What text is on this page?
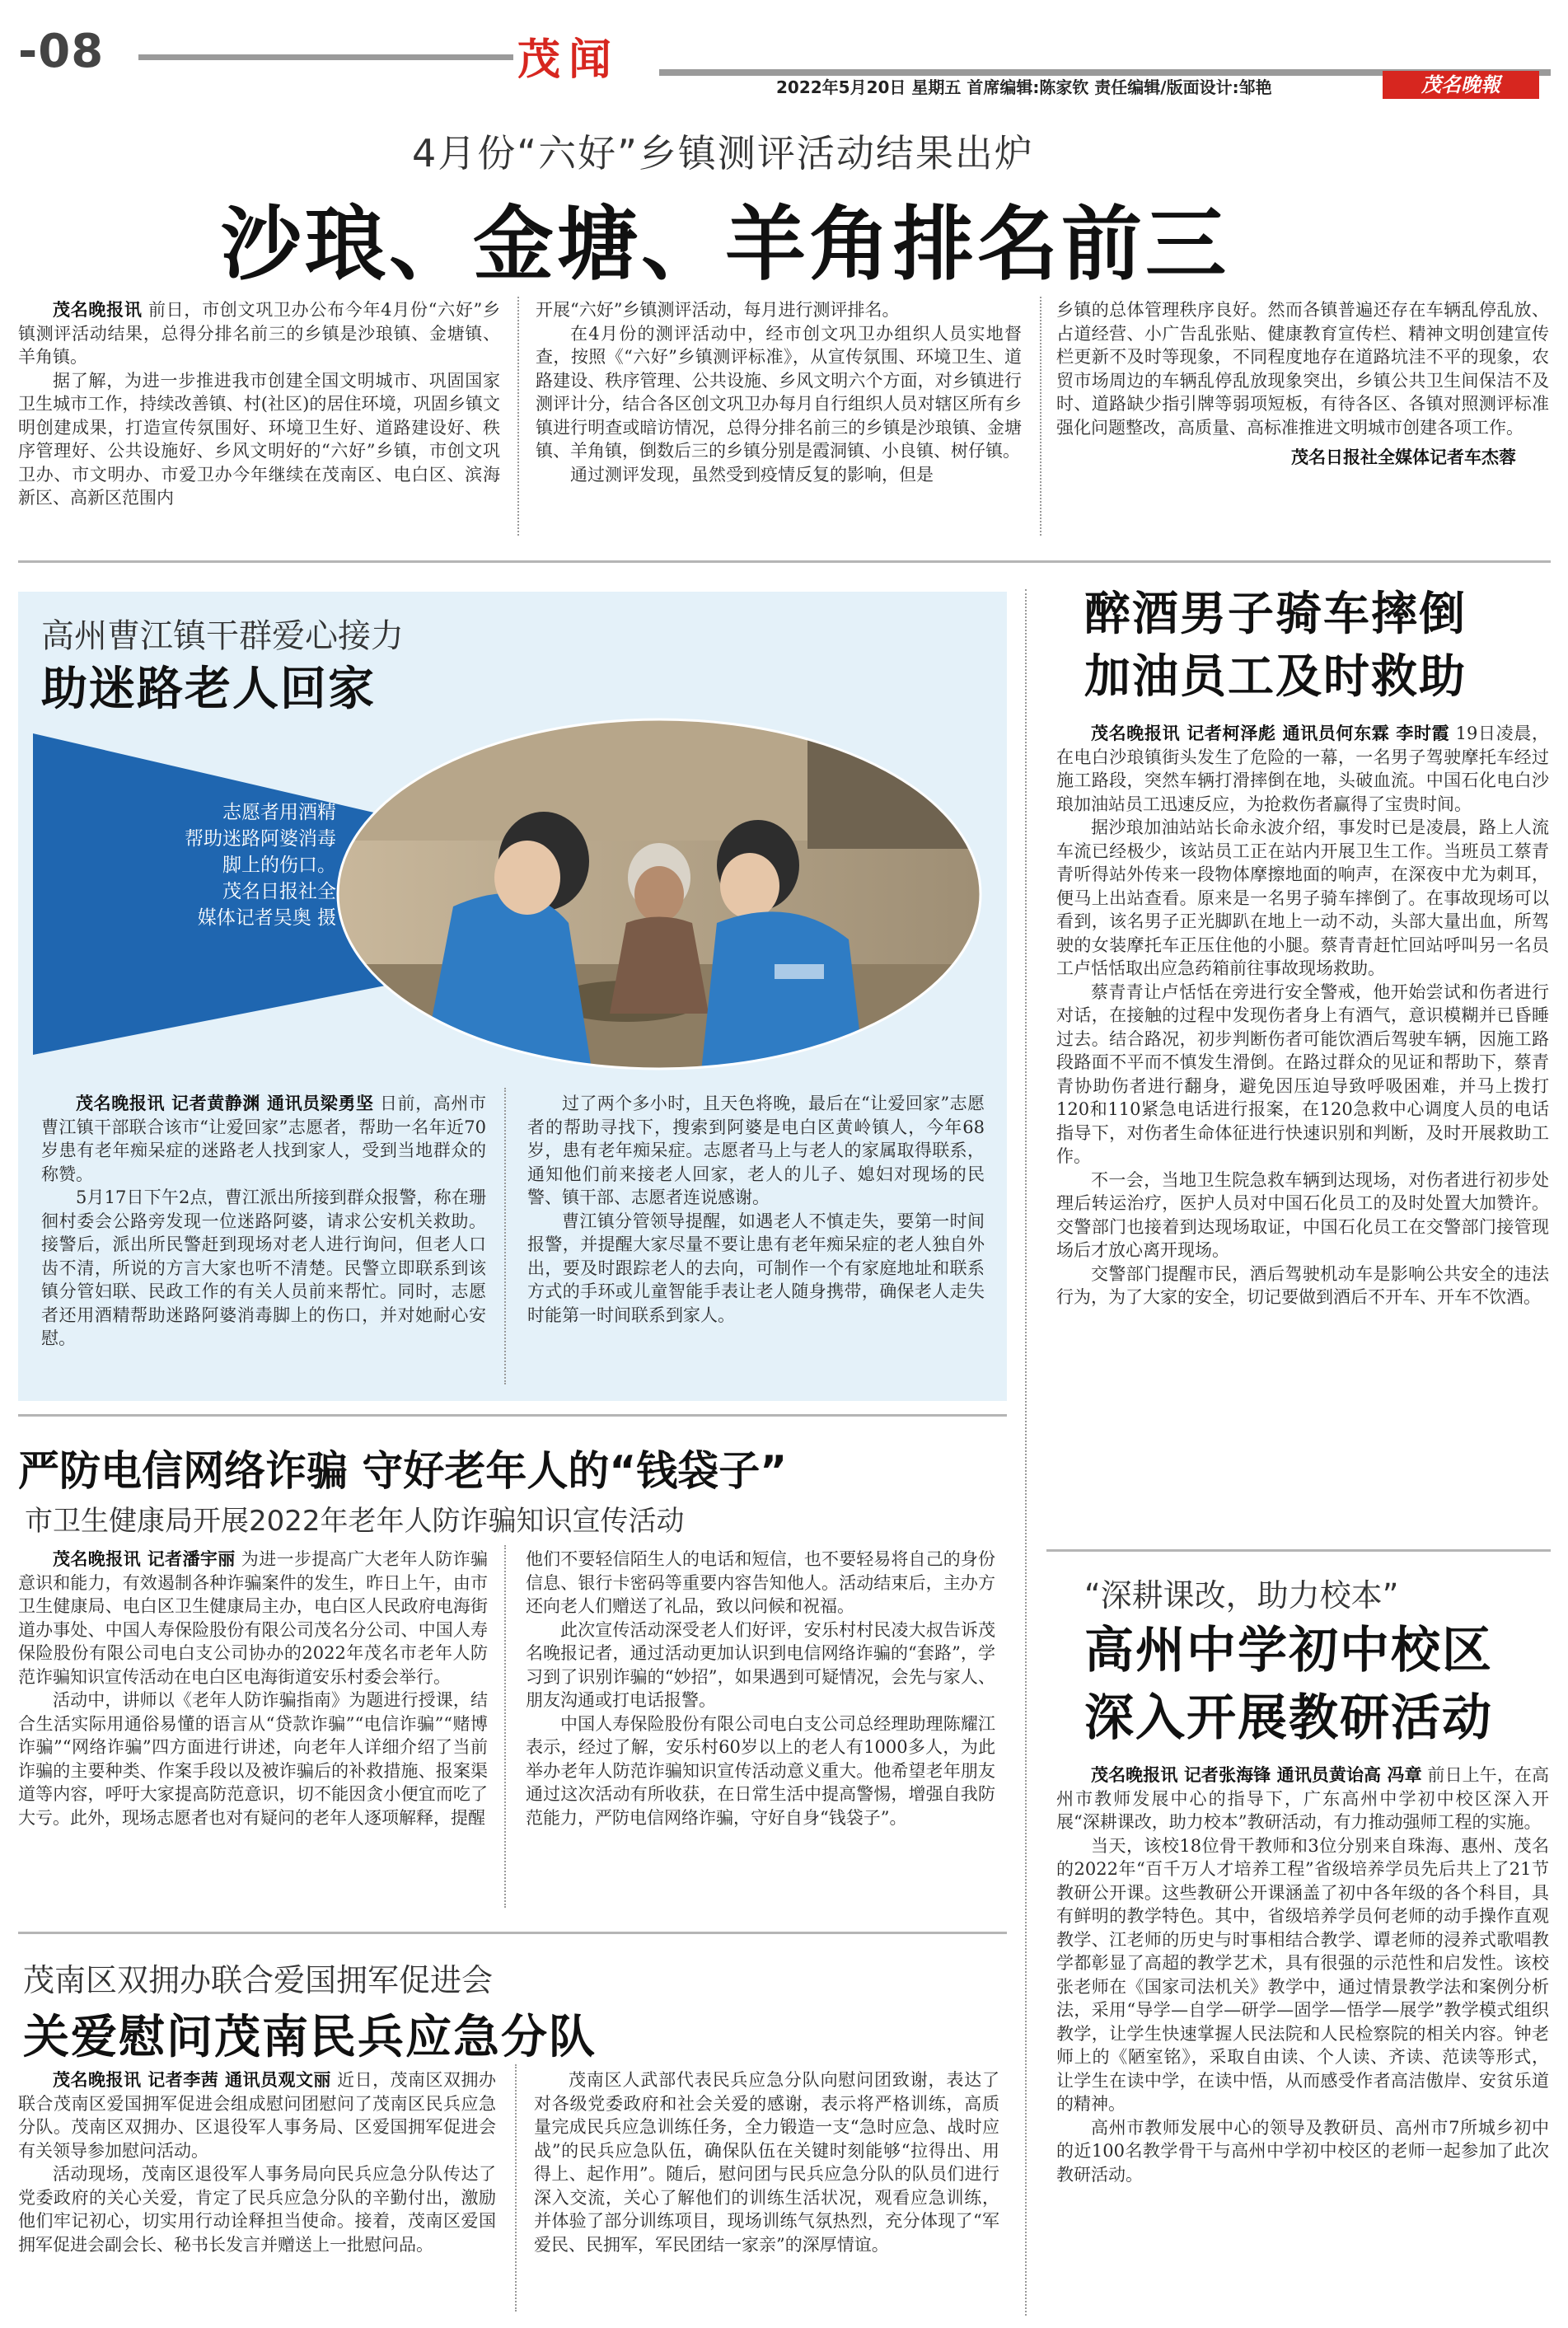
-08	茂闻
2022年5月20日 星期五 首席编辑:陈家钦 责任编辑/版面设计:邹艳	茂名晚報
4月份“六好”乡镇测评活动结果出炉
沙琅、金塘、羊角排名前三

茂名晚报讯 前日，市创文巩卫办公布今年4月份“六好”乡镇测评活动结果，总得分排名前三的乡镇是沙琅镇、金塘镇、羊角镇。

据了解，为进一步推进我市创建全国文明城市、巩固国家卫生城市工作，持续改善镇、村(社区)的居住环境，巩固乡镇文明创建成果，打造宣传氛围好、环境卫生好、道路建设好、秩序管理好、公共设施好、乡风文明好的“六好”乡镇，市创文巩卫办、市文明办、市爱卫办今年继续在茂南区、电白区、滨海新区、高新区范围内

开展“六好”乡镇测评活动，每月进行测评排名。

在4月份的测评活动中，经市创文巩卫办组织人员实地督查，按照《“六好”乡镇测评标准》，从宣传氛围、环境卫生、道路建设、秩序管理、公共设施、乡风文明六个方面，对乡镇进行测评计分，结合各区创文巩卫办每月自行组织人员对辖区所有乡镇进行明查或暗访情况，总得分排名前三的乡镇是沙琅镇、金塘镇、羊角镇，倒数后三的乡镇分别是霞洞镇、小良镇、树仔镇。

通过测评发现，虽然受到疫情反复的影响，但是

乡镇的总体管理秩序良好。然而各镇普遍还存在车辆乱停乱放、占道经营、小广告乱张贴、健康教育宣传栏、精神文明创建宣传栏更新不及时等现象，不同程度地存在道路坑洼不平的现象，农贸市场周边的车辆乱停乱放现象突出，乡镇公共卫生间保洁不及时、道路缺少指引牌等弱项短板，有待各区、各镇对照测评标准强化问题整改，高质量、高标准推进文明城市创建各项工作。

茂名日报社全媒体记者车杰蓉

高州曹江镇干群爱心接力
助迷路老人回家
志愿者用酒精
帮助迷路阿婆消毒
脚上的伤口。
茂名日报社全
媒体记者吴奥 摄

茂名晚报讯 记者黄静渊 通讯员梁勇坚 日前，高州市曹江镇干部联合该市“让爱回家”志愿者，帮助一名年近70岁患有老年痴呆症的迷路老人找到家人，受到当地群众的称赞。

5月17日下午2点，曹江派出所接到群众报警，称在珊徊村委会公路旁发现一位迷路阿婆，请求公安机关救助。接警后，派出所民警赶到现场对老人进行询问，但老人口齿不清，所说的方言大家也听不清楚。民警立即联系到该镇分管妇联、民政工作的有关人员前来帮忙。同时，志愿者还用酒精帮助迷路阿婆消毒脚上的伤口，并对她耐心安慰。

过了两个多小时，且天色将晚，最后在“让爱回家”志愿者的帮助寻找下，搜索到阿婆是电白区黄岭镇人，今年68岁，患有老年痴呆症。志愿者马上与老人的家属取得联系，通知他们前来接老人回家，老人的儿子、媳妇对现场的民警、镇干部、志愿者连说感谢。

曹江镇分管领导提醒，如遇老人不慎走失，要第一时间报警，并提醒大家尽量不要让患有老年痴呆症的老人独自外出，要及时跟踪老人的去向，可制作一个有家庭地址和联系方式的手环或儿童智能手表让老人随身携带，确保老人走失时能第一时间联系到家人。

严防电信网络诈骗 守好老年人的“钱袋子”
市卫生健康局开展2022年老年人防诈骗知识宣传活动

茂名晚报讯 记者潘宇丽 为进一步提高广大老年人防诈骗意识和能力，有效遏制各种诈骗案件的发生，昨日上午，由市卫生健康局、电白区卫生健康局主办，电白区人民政府电海街道办事处、中国人寿保险股份有限公司茂名分公司、中国人寿保险股份有限公司电白支公司协办的2022年茂名市老年人防范诈骗知识宣传活动在电白区电海街道安乐村委会举行。

活动中，讲师以《老年人防诈骗指南》为题进行授课，结合生活实际用通俗易懂的语言从“贷款诈骗”“电信诈骗”“赌博诈骗”“网络诈骗”四方面进行讲述，向老年人详细介绍了当前诈骗的主要种类、作案手段以及被诈骗后的补救措施、报案渠道等内容，呼吁大家提高防范意识，切不能因贪小便宜而吃了大亏。此外，现场志愿者也对有疑问的老年人逐项解释，提醒

他们不要轻信陌生人的电话和短信，也不要轻易将自己的身份信息、银行卡密码等重要内容告知他人。活动结束后，主办方还向老人们赠送了礼品，致以问候和祝福。

此次宣传活动深受老人们好评，安乐村村民凌大叔告诉茂名晚报记者，通过活动更加认识到电信网络诈骗的“套路”，学习到了识别诈骗的“妙招”，如果遇到可疑情况，会先与家人、朋友沟通或打电话报警。

中国人寿保险股份有限公司电白支公司总经理助理陈耀江表示，经过了解，安乐村60岁以上的老人有1000多人，为此举办老年人防范诈骗知识宣传活动意义重大。他希望老年朋友通过这次活动有所收获，在日常生活中提高警惕，增强自我防范能力，严防电信网络诈骗，守好自身“钱袋子”。

茂南区双拥办联合爱国拥军促进会
关爱慰问茂南民兵应急分队

茂名晚报讯 记者李茜 通讯员观文丽 近日，茂南区双拥办联合茂南区爱国拥军促进会组成慰问团慰问了茂南区民兵应急分队。茂南区双拥办、区退役军人事务局、区爱国拥军促进会有关领导参加慰问活动。

活动现场，茂南区退役军人事务局向民兵应急分队传达了党委政府的关心关爱，肯定了民兵应急分队的辛勤付出，激励他们牢记初心，切实用行动诠释担当使命。接着，茂南区爱国拥军促进会副会长、秘书长发言并赠送上一批慰问品。

茂南区人武部代表民兵应急分队向慰问团致谢，表达了对各级党委政府和社会关爱的感谢，表示将严格训练，高质量完成民兵应急训练任务，全力锻造一支“急时应急、战时应战”的民兵应急队伍，确保队伍在关键时刻能够“拉得出、用得上、起作用”。随后，慰问团与民兵应急分队的队员们进行深入交流，关心了解他们的训练生活状况，观看应急训练，并体验了部分训练项目，现场训练气氛热烈，充分体现了“军爱民、民拥军，军民团结一家亲”的深厚情谊。

醉酒男子骑车摔倒
加油员工及时救助

茂名晚报讯 记者柯泽彪 通讯员何东霖 李时霞 19日凌晨，在电白沙琅镇街头发生了危险的一幕，一名男子驾驶摩托车经过施工路段，突然车辆打滑摔倒在地，头破血流。中国石化电白沙琅加油站员工迅速反应，为抢救伤者赢得了宝贵时间。

据沙琅加油站站长命永波介绍，事发时已是凌晨，路上人流车流已经极少，该站员工正在站内开展卫生工作。当班员工蔡青青听得站外传来一段物体摩擦地面的响声，在深夜中尤为刺耳，便马上出站查看。原来是一名男子骑车摔倒了。在事故现场可以看到，该名男子正光脚趴在地上一动不动，头部大量出血，所驾驶的女装摩托车正压住他的小腿。蔡青青赶忙回站呼叫另一名员工卢恬恬取出应急药箱前往事故现场救助。

蔡青青让卢恬恬在旁进行安全警戒，他开始尝试和伤者进行对话，在接触的过程中发现伤者身上有酒气，意识模糊并已昏睡过去。结合路况，初步判断伤者可能饮酒后驾驶车辆，因施工路段路面不平而不慎发生滑倒。在路过群众的见证和帮助下，蔡青青协助伤者进行翻身，避免因压迫导致呼吸困难，并马上拨打120和110紧急电话进行报案，在120急救中心调度人员的电话指导下，对伤者生命体征进行快速识别和判断，及时开展救助工作。

不一会，当地卫生院急救车辆到达现场，对伤者进行初步处理后转运治疗，医护人员对中国石化员工的及时处置大加赞许。交警部门也接着到达现场取证，中国石化员工在交警部门接管现场后才放心离开现场。

交警部门提醒市民，酒后驾驶机动车是影响公共安全的违法行为，为了大家的安全，切记要做到酒后不开车、开车不饮酒。

“深耕课改，助力校本”
高州中学初中校区
深入开展教研活动

茂名晚报讯 记者张海锋 通讯员黄诒高 冯章 前日上午，在高州市教师发展中心的指导下，广东高州中学初中校区深入开展“深耕课改，助力校本”教研活动，有力推动强师工程的实施。

当天，该校18位骨干教师和3位分别来自珠海、惠州、茂名的2022年“百千万人才培养工程”省级培养学员先后共上了21节教研公开课。这些教研公开课涵盖了初中各年级的各个科目，具有鲜明的教学特色。其中，省级培养学员何老师的动手操作直观教学、江老师的历史与时事相结合教学、谭老师的浸养式歌唱教学都彰显了高超的教学艺术，具有很强的示范性和启发性。该校张老师在《国家司法机关》教学中，通过情景教学法和案例分析法，采用“导学—自学—研学—固学—悟学—展学”教学模式组织教学，让学生快速掌握人民法院和人民检察院的相关内容。钟老师上的《陋室铭》，采取自由读、个人读、齐读、范读等形式，让学生在读中学，在读中悟，从而感受作者高洁傲岸、安贫乐道的精神。

高州市教师发展中心的领导及教研员、高州市7所城乡初中的近100名教学骨干与高州中学初中校区的老师一起参加了此次教研活动。
